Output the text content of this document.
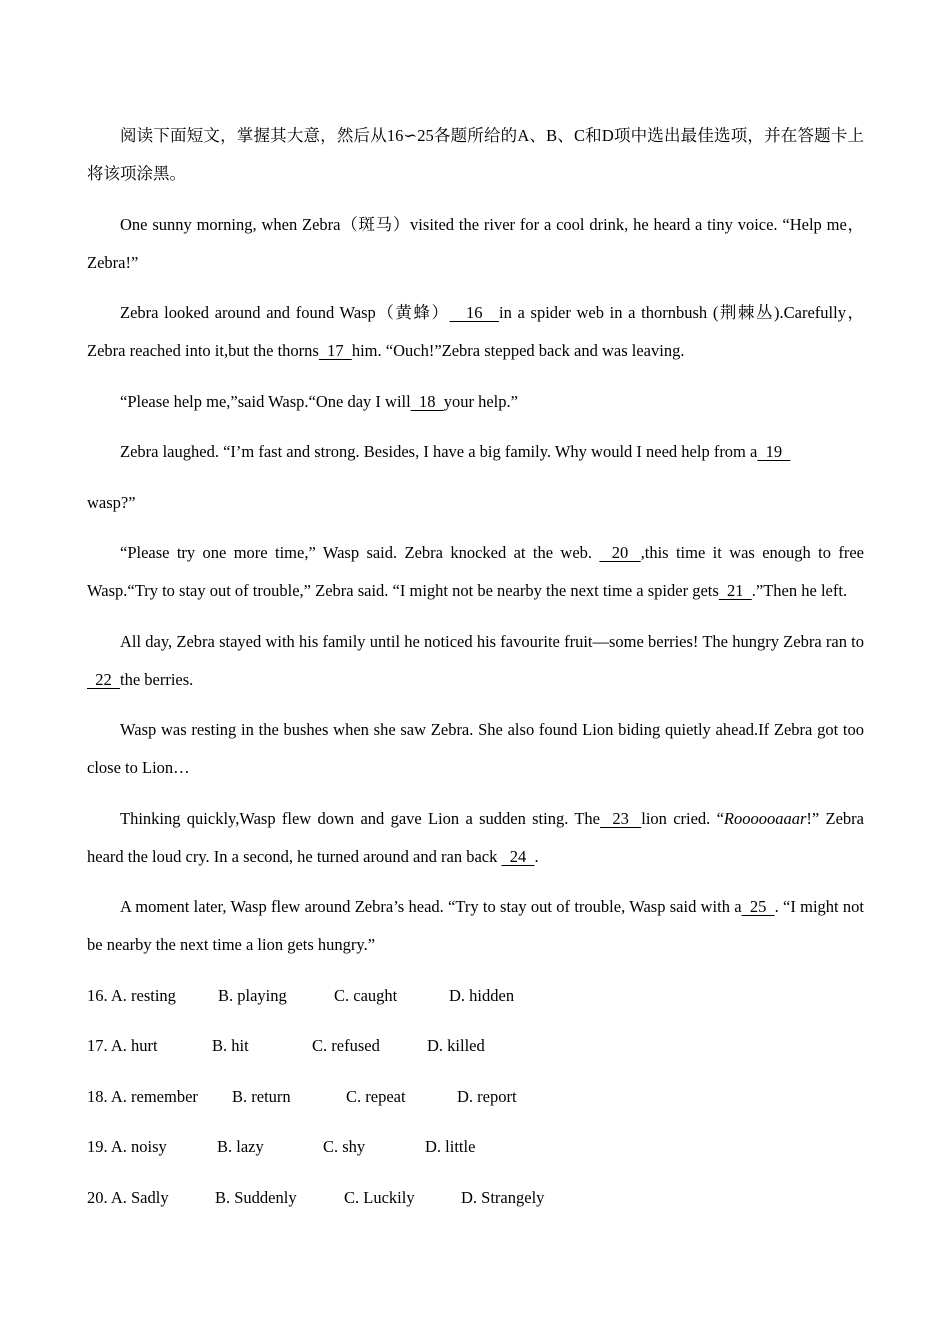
阅读下面短文，掌握其大意，然后从16∽25各题所给的A、B、C和D项中选出最佳选项，并在答题卡上将该项涂黑。

One sunny morning, when Zebra（斑马）visited the river for a cool drink, he heard a tiny voice. “Help me，Zebra!”

Zebra looked around and found Wasp（黄蜂）    16    in a spider web in a thornbush (荆棘丛).Carefully，Zebra reached into it,but the thorns  17  him. “Ouch!”Zebra stepped back and was leaving.

“Please help me,”said Wasp.“One day I will  18  your help.”

Zebra laughed. “I’m fast and strong. Besides, I have a big family. Why would I need help from a  19

wasp?”

“Please try one more time,” Wasp said. Zebra knocked at the web.    20   ,this time it was enough to free Wasp.“Try to stay out of trouble,” Zebra said. “I might not be nearby the next time a spider gets  21  .”Then he left.

All day, Zebra stayed with his family until he noticed his favourite fruit—some berries! The hungry Zebra ran to  22  the berries.

Wasp was resting in the bushes when she saw Zebra. She also found Lion biding quietly ahead.If Zebra got too close to Lion…

Thinking quickly,Wasp flew down and gave Lion a sudden sting. The   23   lion cried. “Roooooaaar!” Zebra heard the loud cry. In a second, he turned around and ran back   24  .

A moment later, Wasp flew around Zebra’s head. “Try to stay out of trouble, Wasp said with a  25  . “I might not be nearby the next time a lion gets hungry.”

16. A. resting	B. playing	C. caught	D. hidden
17. A. hurt	B. hit	C. refused	D. killed
18. A. remember B. return	C. repeat	D. report
19. A. noisy	B. lazy	C. shy	D. little
20. A. Sadly	B. Suddenly	C. Luckily	D. Strangely
